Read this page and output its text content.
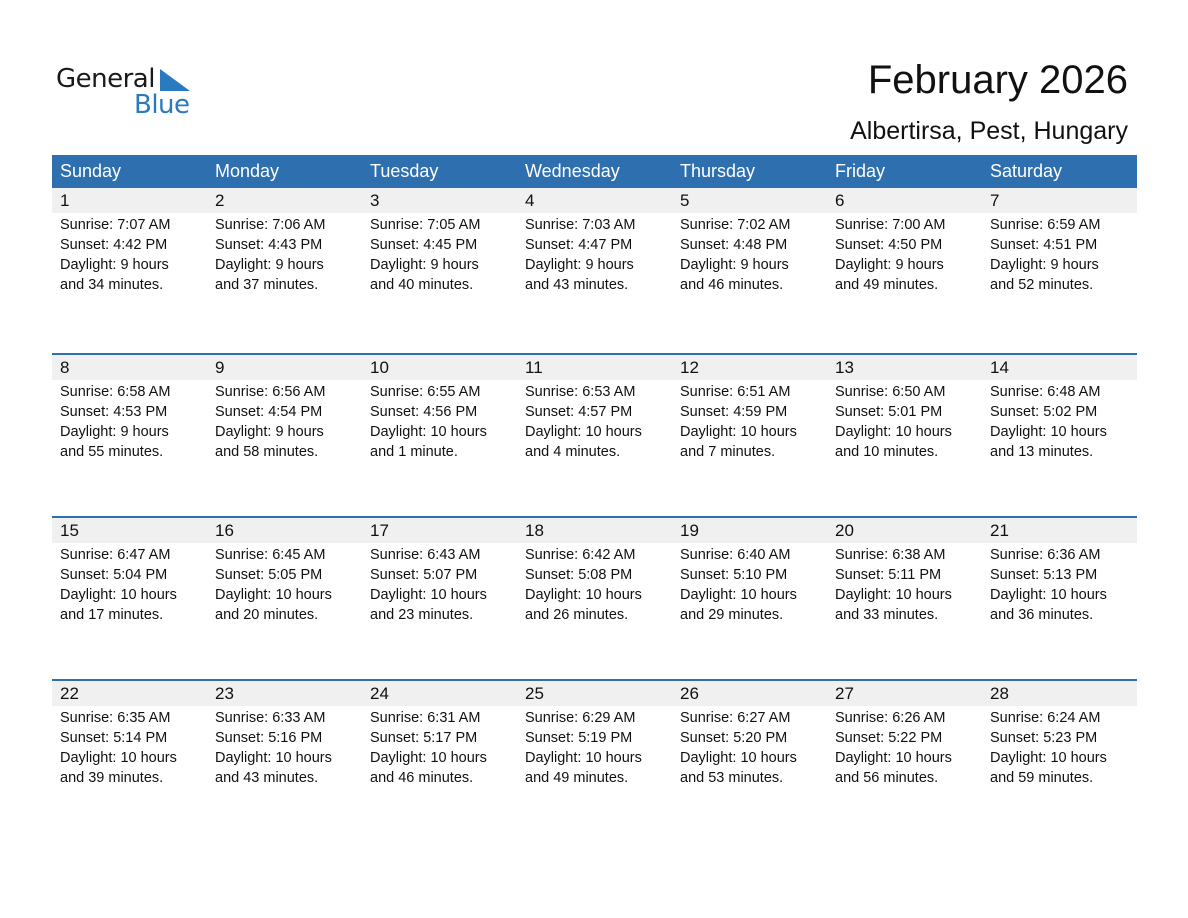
General
Blue
February 2026
Albertirsa, Pest, Hungary
Sunday	Monday	Tuesday	Wednesday	Thursday	Friday	Saturday
1	2	3	4	5	6	7
Sunrise: 7:07 AM
Sunset: 4:42 PM
Daylight: 9 hours
and 34 minutes.
Sunrise: 7:06 AM
Sunset: 4:43 PM
Daylight: 9 hours
and 37 minutes.
Sunrise: 7:05 AM
Sunset: 4:45 PM
Daylight: 9 hours
and 40 minutes.
Sunrise: 7:03 AM
Sunset: 4:47 PM
Daylight: 9 hours
and 43 minutes.
Sunrise: 7:02 AM
Sunset: 4:48 PM
Daylight: 9 hours
and 46 minutes.
Sunrise: 7:00 AM
Sunset: 4:50 PM
Daylight: 9 hours
and 49 minutes.
Sunrise: 6:59 AM
Sunset: 4:51 PM
Daylight: 9 hours
and 52 minutes.
8	9	10	11	12	13	14
Sunrise: 6:58 AM
Sunset: 4:53 PM
Daylight: 9 hours
and 55 minutes.
Sunrise: 6:56 AM
Sunset: 4:54 PM
Daylight: 9 hours
and 58 minutes.
Sunrise: 6:55 AM
Sunset: 4:56 PM
Daylight: 10 hours
and 1 minute.
Sunrise: 6:53 AM
Sunset: 4:57 PM
Daylight: 10 hours
and 4 minutes.
Sunrise: 6:51 AM
Sunset: 4:59 PM
Daylight: 10 hours
and 7 minutes.
Sunrise: 6:50 AM
Sunset: 5:01 PM
Daylight: 10 hours
and 10 minutes.
Sunrise: 6:48 AM
Sunset: 5:02 PM
Daylight: 10 hours
and 13 minutes.
15	16	17	18	19	20	21
Sunrise: 6:47 AM
Sunset: 5:04 PM
Daylight: 10 hours
and 17 minutes.
Sunrise: 6:45 AM
Sunset: 5:05 PM
Daylight: 10 hours
and 20 minutes.
Sunrise: 6:43 AM
Sunset: 5:07 PM
Daylight: 10 hours
and 23 minutes.
Sunrise: 6:42 AM
Sunset: 5:08 PM
Daylight: 10 hours
and 26 minutes.
Sunrise: 6:40 AM
Sunset: 5:10 PM
Daylight: 10 hours
and 29 minutes.
Sunrise: 6:38 AM
Sunset: 5:11 PM
Daylight: 10 hours
and 33 minutes.
Sunrise: 6:36 AM
Sunset: 5:13 PM
Daylight: 10 hours
and 36 minutes.
22	23	24	25	26	27	28
Sunrise: 6:35 AM
Sunset: 5:14 PM
Daylight: 10 hours
and 39 minutes.
Sunrise: 6:33 AM
Sunset: 5:16 PM
Daylight: 10 hours
and 43 minutes.
Sunrise: 6:31 AM
Sunset: 5:17 PM
Daylight: 10 hours
and 46 minutes.
Sunrise: 6:29 AM
Sunset: 5:19 PM
Daylight: 10 hours
and 49 minutes.
Sunrise: 6:27 AM
Sunset: 5:20 PM
Daylight: 10 hours
and 53 minutes.
Sunrise: 6:26 AM
Sunset: 5:22 PM
Daylight: 10 hours
and 56 minutes.
Sunrise: 6:24 AM
Sunset: 5:23 PM
Daylight: 10 hours
and 59 minutes.
